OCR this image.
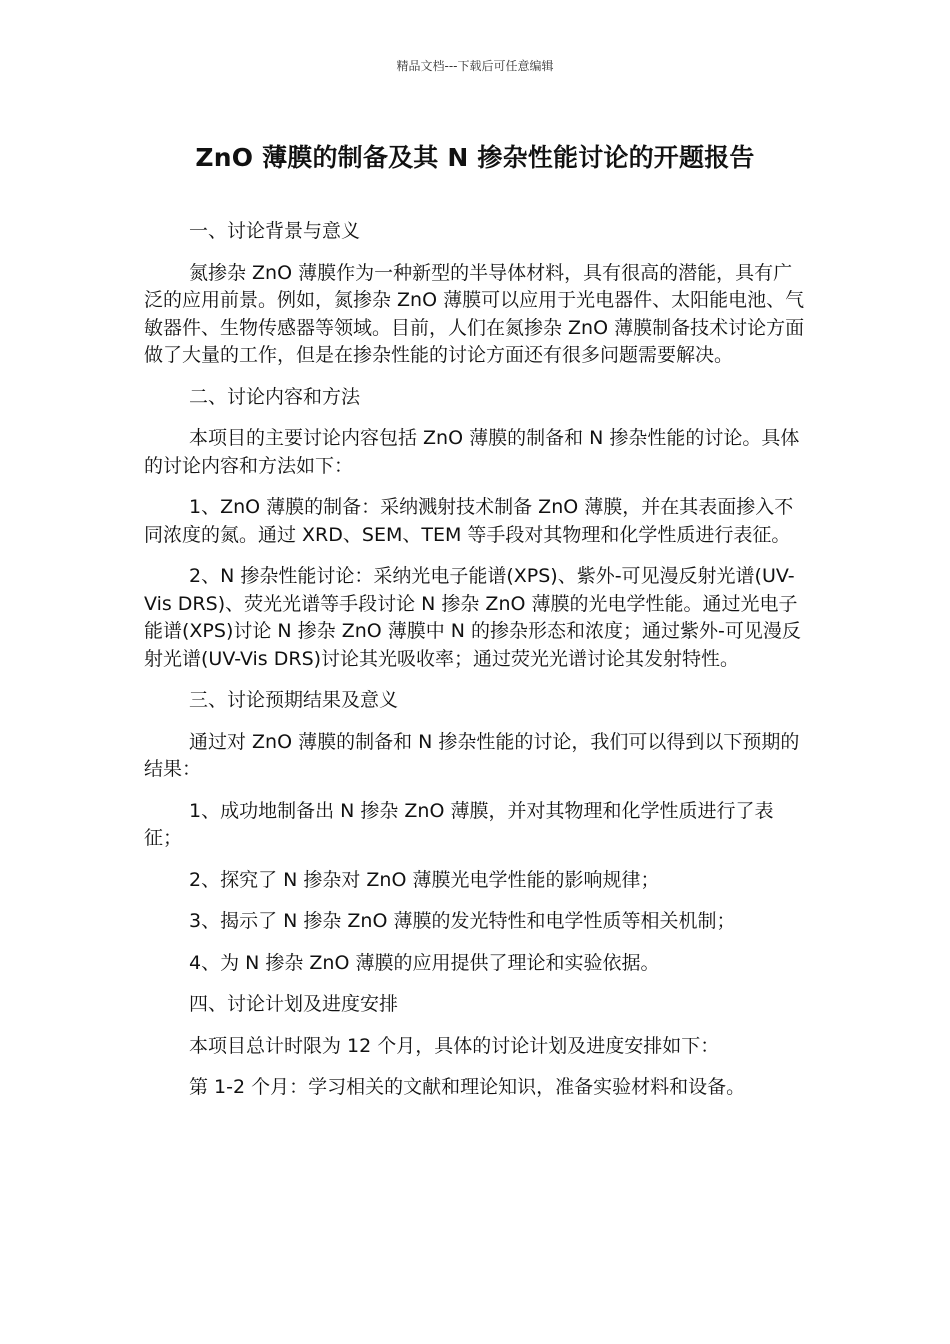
精品文档---下载后可任意编辑
ZnO 薄膜的制备及其 N 掺杂性能讨论的开题报告

一、讨论背景与意义

氮掺杂 ZnO 薄膜作为一种新型的半导体材料，具有很高的潜能，具有广泛的应用前景。例如，氮掺杂 ZnO 薄膜可以应用于光电器件、太阳能电池、气敏器件、生物传感器等领域。目前，人们在氮掺杂 ZnO 薄膜制备技术讨论方面做了大量的工作，但是在掺杂性能的讨论方面还有很多问题需要解决。

二、讨论内容和方法

本项目的主要讨论内容包括 ZnO 薄膜的制备和 N 掺杂性能的讨论。具体的讨论内容和方法如下：

1、ZnO 薄膜的制备：采纳溅射技术制备 ZnO 薄膜，并在其表面掺入不同浓度的氮。通过 XRD、SEM、TEM 等手段对其物理和化学性质进行表征。

2、N 掺杂性能讨论：采纳光电子能谱(XPS)、紫外-可见漫反射光谱(UV-Vis DRS)、荧光光谱等手段讨论 N 掺杂 ZnO 薄膜的光电学性能。通过光电子能谱(XPS)讨论 N 掺杂 ZnO 薄膜中 N 的掺杂形态和浓度；通过紫外-可见漫反射光谱(UV-Vis DRS)讨论其光吸收率；通过荧光光谱讨论其发射特性。

三、讨论预期结果及意义

通过对 ZnO 薄膜的制备和 N 掺杂性能的讨论，我们可以得到以下预期的结果：

1、成功地制备出 N 掺杂 ZnO 薄膜，并对其物理和化学性质进行了表征；

2、探究了 N 掺杂对 ZnO 薄膜光电学性能的影响规律；

3、揭示了 N 掺杂 ZnO 薄膜的发光特性和电学性质等相关机制；

4、为 N 掺杂 ZnO 薄膜的应用提供了理论和实验依据。

四、讨论计划及进度安排

本项目总计时限为 12 个月，具体的讨论计划及进度安排如下：

第 1-2 个月：学习相关的文献和理论知识，准备实验材料和设备。
